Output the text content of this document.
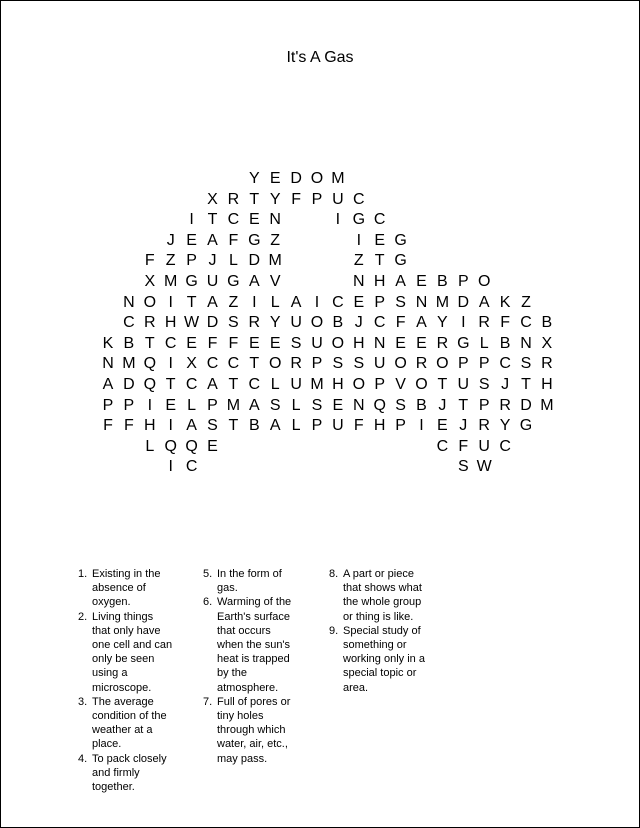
It's A Gas
Y E D O M
X R T Y F P U C
I T C E N	I G C
J E A F G Z	I E G
F Z P J L D M	Z T G
X M G U G A V	N H A E B P O
N O I T A Z I L A I C E P S N M D A K Z
C R H W D S R Y U O B J C F A Y I R F C B
K B T C E F F E E S U O H N E E R G L B N X
N M Q I X C C T O R P S S U O R O P P C S R
A D Q T C A T C L U M H O P V O T U S J T H
P P I E L P M A S L S E N Q S B J T P R D M
F F H I A S T B A L P U F H P I E J R Y G
L Q Q E	C F U C
I C	S W
1. Existing in the
absence of
oxygen.
2. Living things
that only have
one cell and can
only be seen
using a
microscope.
3. The average
condition of the
weather at a
place.
4. To pack closely
and firmly
together.
5. In the form of
gas.
6. Warming of the
Earth's surface
that occurs
when the sun's
heat is trapped
by the
atmosphere.
7. Full of pores or
tiny holes
through which
water, air, etc.,
may pass.
8. A part or piece
that shows what
the whole group
or thing is like.
9. Special study of
something or
working only in a
special topic or
area.
